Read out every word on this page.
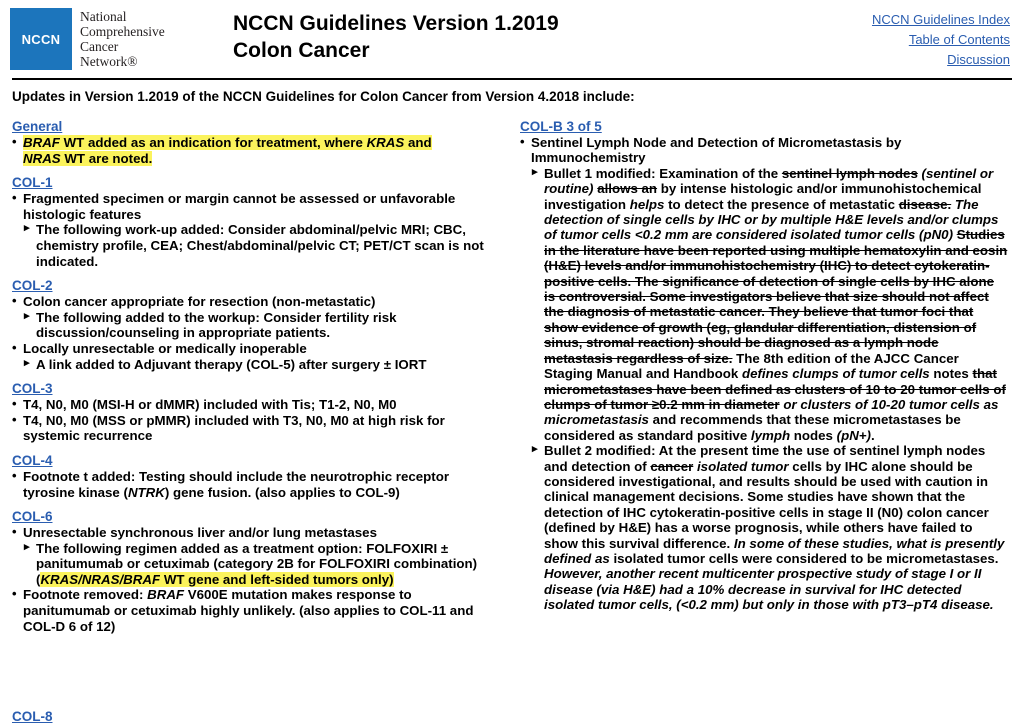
NCCN
National
Comprehensive
Cancer
Network®
NCCN Guidelines Version 1.2019
Colon Cancer
NCCN Guidelines Index
Table of Contents
Discussion
Updates in Version 1.2019 of the NCCN Guidelines for Colon Cancer from Version 4.2018 include:
General
• BRAF WT added as an indication for treatment, where KRAS and
NRAS WT are noted.
COL-1
• Fragmented specimen or margin cannot be assessed or unfavorable histologic features
▸ The following work-up added: Consider abdominal/pelvic MRI; CBC, chemistry profile, CEA; Chest/abdominal/pelvic CT; PET/CT scan is not indicated.
COL-2
• Colon cancer appropriate for resection (non-metastatic)
▸ The following added to the workup: Consider fertility risk discussion/counseling in appropriate patients.
• Locally unresectable or medically inoperable
▸ A link added to Adjuvant therapy (COL-5) after surgery ± IORT
COL-3
• T4, N0, M0 (MSI-H or dMMR) included with Tis; T1-2, N0, M0
• T4, N0, M0 (MSS or pMMR) included with T3, N0, M0 at high risk for systemic recurrence
COL-4
• Footnote t added: Testing should include the neurotrophic receptor tyrosine kinase (NTRK) gene fusion. (also applies to COL-9)
COL-6
• Unresectable synchronous liver and/or lung metastases
▸ The following regimen added as a treatment option: FOLFOXIRI ± panitumumab or cetuximab (category 2B for FOLFOXIRI combination) (KRAS/NRAS/BRAF WT gene and left-sided tumors only)
• Footnote removed: BRAF V600E mutation makes response to panitumumab or cetuximab highly unlikely. (also applies to COL-11 and COL-D 6 of 12)
COL-B 3 of 5
• Sentinel Lymph Node and Detection of Micrometastasis by Immunochemistry
▸ Bullet 1 modified: Examination of the sentinel lymph nodes (sentinel or routine) allows an by intense histologic and/or immunohistochemical investigation helps to detect the presence of metastatic disease. The detection of single cells by IHC or by multiple H&E levels and/or clumps of tumor cells <0.2 mm are considered isolated tumor cells (pN0) Studies in the literature have been reported using multiple hematoxylin and eosin (H&E) levels and/or immunohistochemistry (IHC) to detect cytokeratin-positive cells. The significance of detection of single cells by IHC alone is controversial. Some investigators believe that size should not affect the diagnosis of metastatic cancer. They believe that tumor foci that show evidence of growth (eg, glandular differentiation, distension of sinus, stromal reaction) should be diagnosed as a lymph node metastasis regardless of size. The 8th edition of the AJCC Cancer Staging Manual and Handbook defines clumps of tumor cells notes that micrometastases have been defined as clusters of 10 to 20 tumor cells of clumps of tumor ≥0.2 mm in diameter or clusters of 10-20 tumor cells as micrometastasis and recommends that these micrometastases be considered as standard positive lymph nodes (pN+).
▸ Bullet 2 modified: At the present time the use of sentinel lymph nodes and detection of cancer isolated tumor cells by IHC alone should be considered investigational, and results should be used with caution in clinical management decisions. Some studies have shown that the detection of IHC cytokeratin-positive cells in stage II (N0) colon cancer (defined by H&E) has a worse prognosis, while others have failed to show this survival difference. In some of these studies, what is presently defined as isolated tumor cells were considered to be micrometastases. However, another recent multicenter prospective study of stage I or II disease (via H&E) had a 10% decrease in survival for IHC detected isolated tumor cells, (<0.2 mm) but only in those with pT3–pT4 disease.
COL-8
